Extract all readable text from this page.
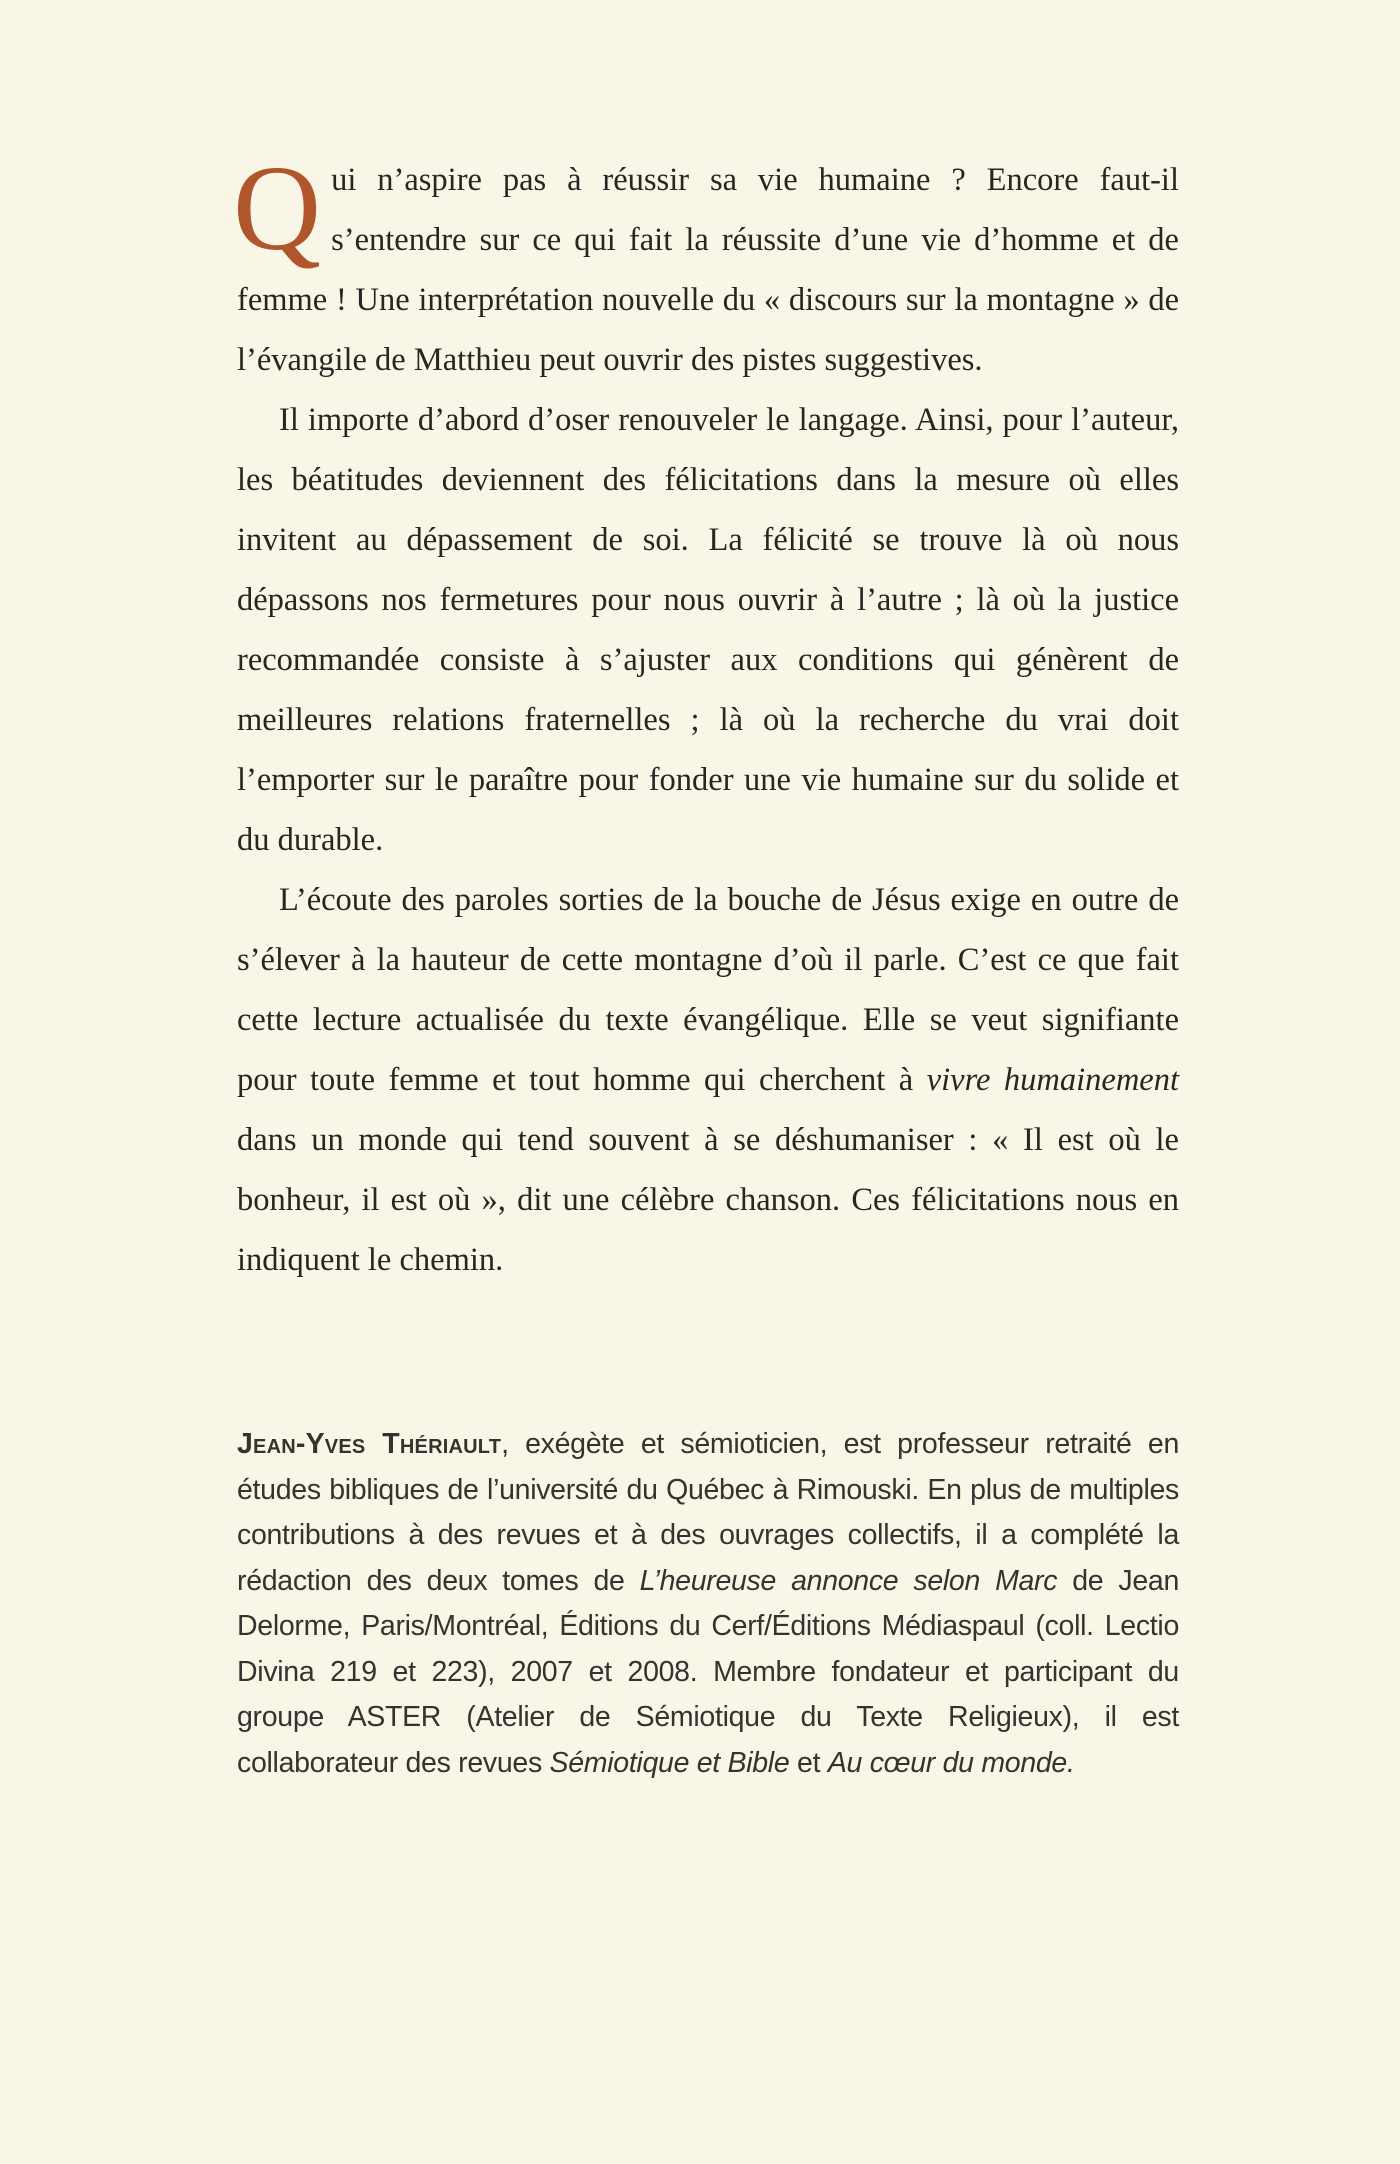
Qui n’aspire pas à réussir sa vie humaine ? Encore faut-il s’entendre sur ce qui fait la réussite d’une vie d’homme et de femme ! Une interprétation nouvelle du « discours sur la montagne » de l’évangile de Matthieu peut ouvrir des pistes suggestives.

Il importe d’abord d’oser renouveler le langage. Ainsi, pour l’auteur, les béatitudes deviennent des félicitations dans la mesure où elles invitent au dépassement de soi. La félicité se trouve là où nous dépassons nos fermetures pour nous ouvrir à l’autre ; là où la justice recommandée consiste à s’ajuster aux conditions qui génèrent de meilleures relations fraternelles ; là où la recherche du vrai doit l’emporter sur le paraître pour fonder une vie humaine sur du solide et du durable.

L’écoute des paroles sorties de la bouche de Jésus exige en outre de s’élever à la hauteur de cette montagne d’où il parle. C’est ce que fait cette lecture actualisée du texte évangélique. Elle se veut signifiante pour toute femme et tout homme qui cherchent à vivre humainement dans un monde qui tend souvent à se déshumaniser : « Il est où le bonheur, il est où », dit une célèbre chanson. Ces félicitations nous en indiquent le chemin.

Jean-Yves Thériault, exégète et sémioticien, est professeur retraité en études bibliques de l’université du Québec à Rimouski. En plus de multiples contributions à des revues et à des ouvrages collectifs, il a complété la rédaction des deux tomes de L’heureuse annonce selon Marc de Jean Delorme, Paris/Montréal, Éditions du Cerf/Éditions Médiaspaul (coll. Lectio Divina 219 et 223), 2007 et 2008. Membre fondateur et participant du groupe ASTER (Atelier de Sémiotique du Texte Religieux), il est collaborateur des revues Sémiotique et Bible et Au cœur du monde.
